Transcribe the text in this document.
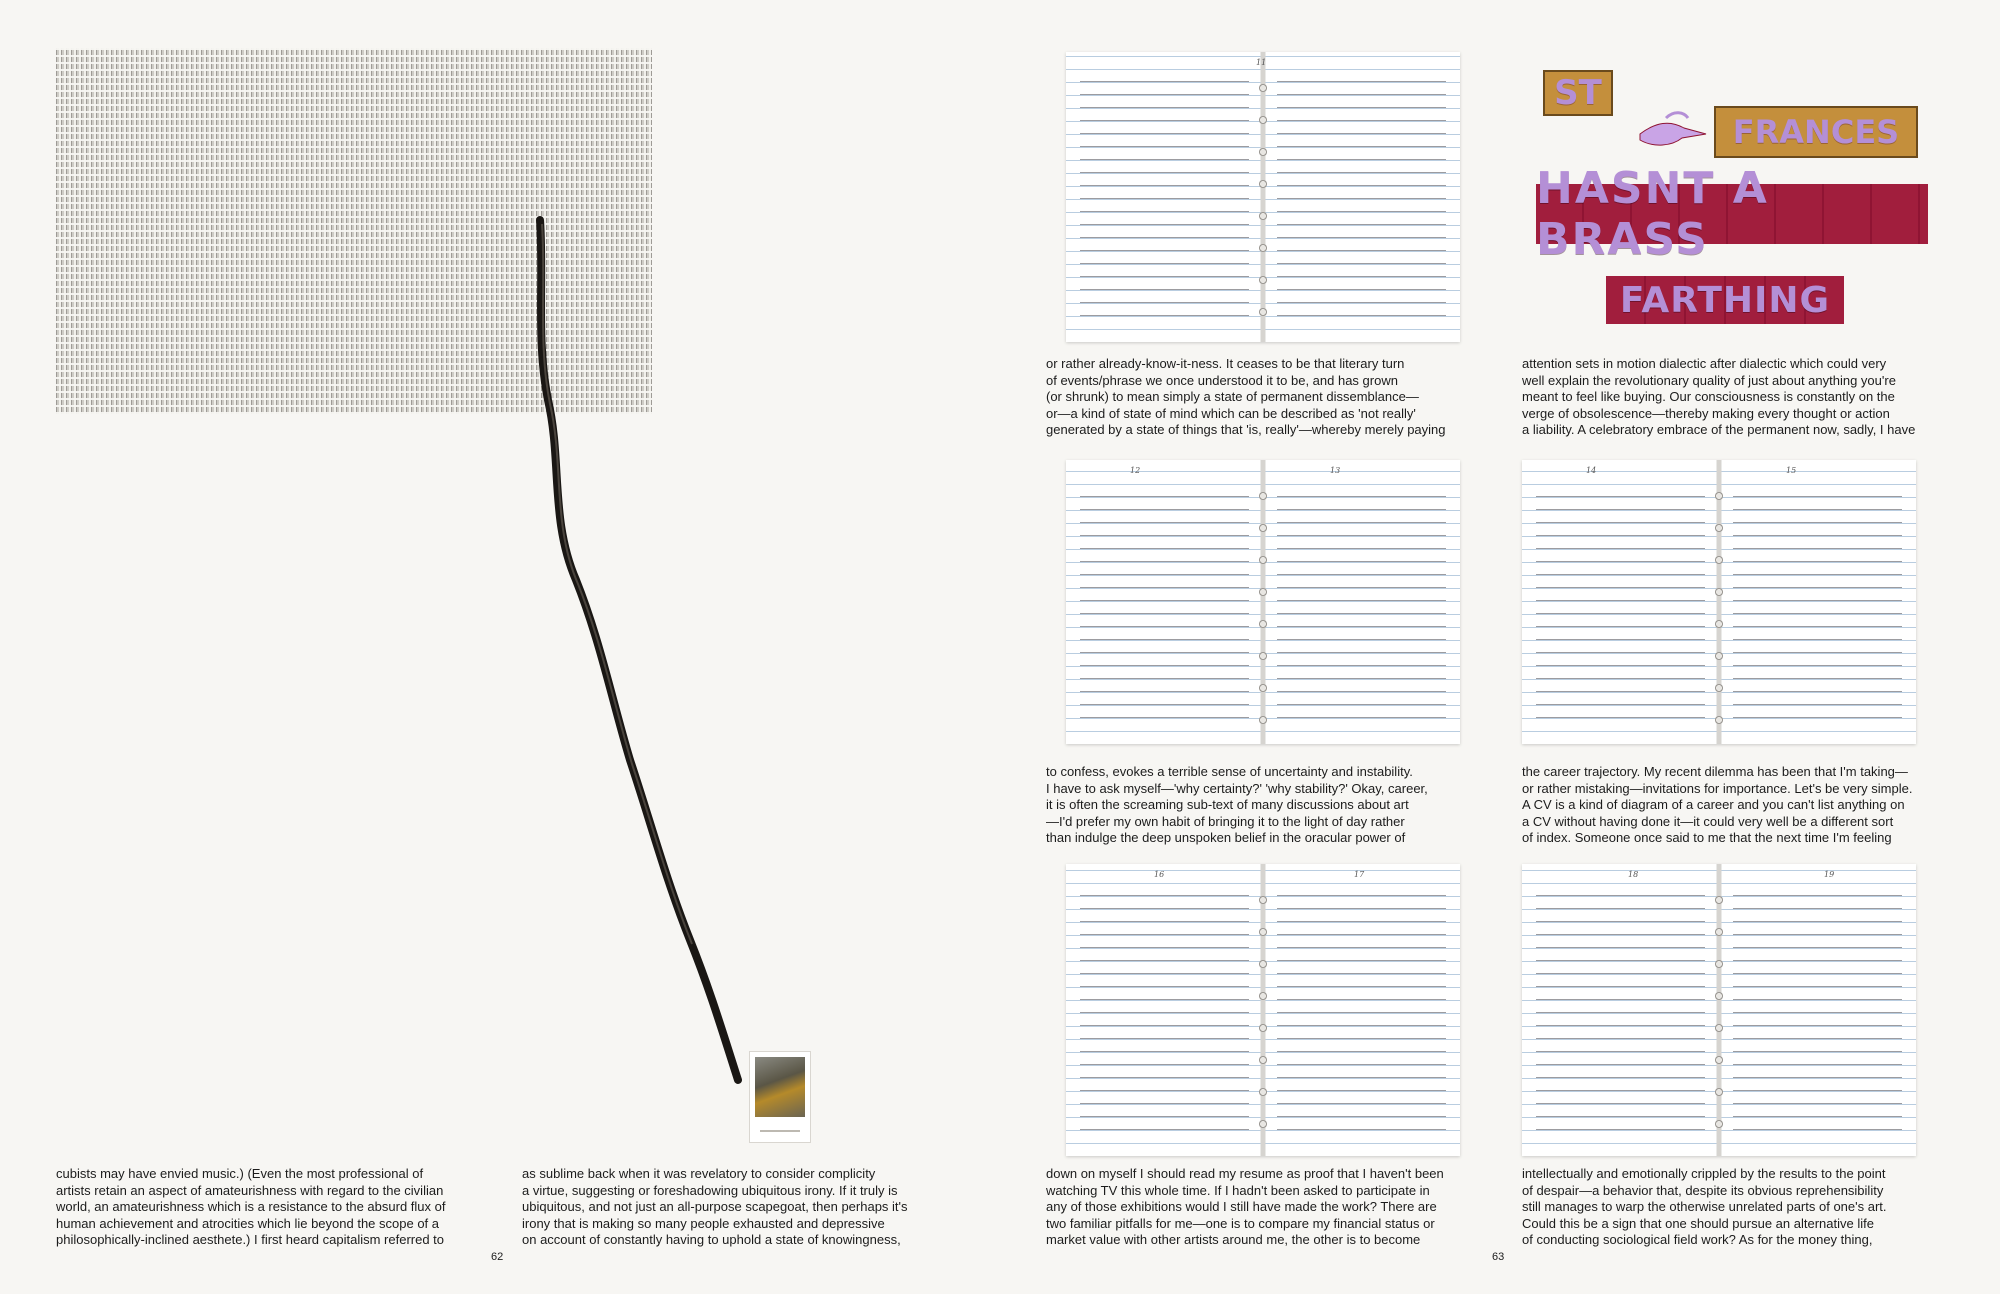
cubists may have envied music.) (Even the most professional of
artists retain an aspect of amateurishness with regard to the civilian
world, an amateurishness which is a resistance to the absurd flux of
human achievement and atrocities which lie beyond the scope of a
philosophically-inclined aesthete.) I first heard capitalism referred to

as sublime back when it was revelatory to consider complicity
a virtue, suggesting or foreshadowing ubiquitous irony. If it truly is
ubiquitous, and not just an all-purpose scapegoat, then perhaps it's
irony that is making so many people exhausted and depressive
on account of constantly having to uphold a state of knowingness,

62
11
12	13	14	15
16	17	18	19
ST
FRANCES
HASNT A BRASS
FARTHING

or rather already-know-it-ness. It ceases to be that literary turn
of events/phrase we once understood it to be, and has grown
(or shrunk) to mean simply a state of permanent dissemblance—
or—a kind of state of mind which can be described as 'not really'
generated by a state of things that 'is, really'—whereby merely paying

attention sets in motion dialectic after dialectic which could very
well explain the revolutionary quality of just about anything you're
meant to feel like buying. Our consciousness is constantly on the
verge of obsolescence—thereby making every thought or action
a liability. A celebratory embrace of the permanent now, sadly, I have

to confess, evokes a terrible sense of uncertainty and instability.
I have to ask myself—'why certainty?' 'why stability?' Okay, career,
it is often the screaming sub-text of many discussions about art
—I'd prefer my own habit of bringing it to the light of day rather
than indulge the deep unspoken belief in the oracular power of

the career trajectory. My recent dilemma has been that I'm taking—
or rather mistaking—invitations for importance. Let's be very simple.
A CV is a kind of diagram of a career and you can't list anything on
a CV without having done it—it could very well be a different sort
of index. Someone once said to me that the next time I'm feeling

down on myself I should read my resume as proof that I haven't been
watching TV this whole time. If I hadn't been asked to participate in
any of those exhibitions would I still have made the work? There are
two familiar pitfalls for me—one is to compare my financial status or
market value with other artists around me, the other is to become

intellectually and emotionally crippled by the results to the point
of despair—a behavior that, despite its obvious reprehensibility
still manages to warp the otherwise unrelated parts of one's art.
Could this be a sign that one should pursue an alternative life
of conducting sociological field work? As for the money thing,

63
